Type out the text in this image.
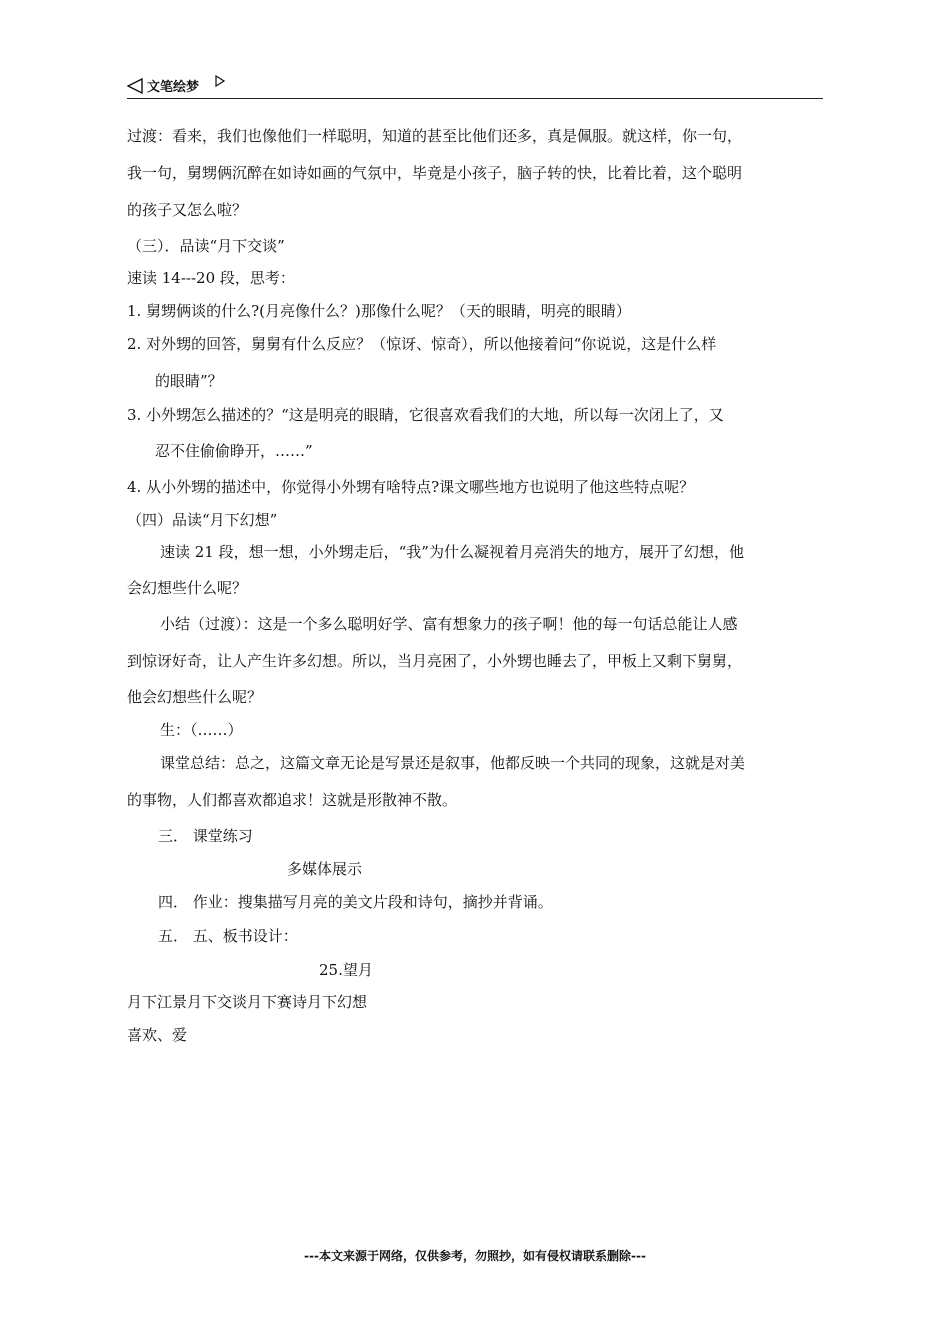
文笔绘梦
过渡：看来，我们也像他们一样聪明，知道的甚至比他们还多，真是佩服。就这样，你一句，
我一句，舅甥俩沉醉在如诗如画的气氛中，毕竟是小孩子，脑子转的快，比着比着，这个聪明
的孩子又怎么啦？
（三）．品读“月下交谈”
速读 14---20 段，思考：
1. 舅甥俩谈的什么?(月亮像什么？)那像什么呢？（天的眼睛，明亮的眼睛）
2. 对外甥的回答，舅舅有什么反应？（惊讶、惊奇），所以他接着问“你说说，这是什么样
的眼睛”？
3. 小外甥怎么描述的？“这是明亮的眼睛，它很喜欢看我们的大地，所以每一次闭上了，又
忍不住偷偷睁开，……”
4. 从小外甥的描述中，你觉得小外甥有啥特点?课文哪些地方也说明了他这些特点呢？
（四）品读“月下幻想”
速读 21 段，想一想，小外甥走后，“我”为什么凝视着月亮消失的地方，展开了幻想，他
会幻想些什么呢？
小结（过渡）：这是一个多么聪明好学、富有想象力的孩子啊！他的每一句话总能让人感
到惊讶好奇，让人产生许多幻想。所以，当月亮困了，小外甥也睡去了，甲板上又剩下舅舅，
他会幻想些什么呢？
生：（……）
课堂总结：总之，这篇文章无论是写景还是叙事，他都反映一个共同的现象，这就是对美
的事物，人们都喜欢都追求！这就是形散神不散。
三． 课堂练习
多媒体展示
四． 作业：搜集描写月亮的美文片段和诗句，摘抄并背诵。
五． 五、板书设计：
25.望月
月下江景月下交谈月下赛诗月下幻想
喜欢、爱
---本文来源于网络，仅供参考，勿照抄，如有侵权请联系删除---
